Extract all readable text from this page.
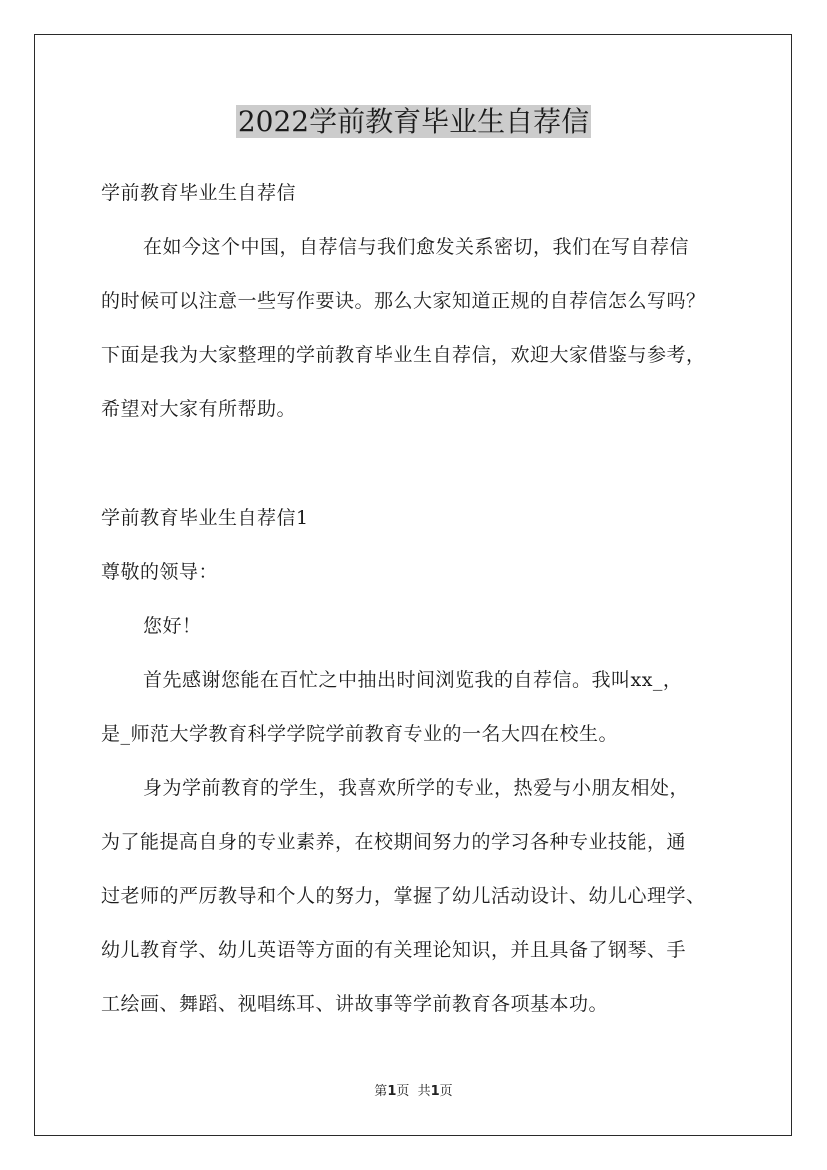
2022学前教育毕业生自荐信
学前教育毕业生自荐信
在如今这个中国，自荐信与我们愈发关系密切，我们在写自荐信
的时候可以注意一些写作要诀。那么大家知道正规的自荐信怎么写吗？
下面是我为大家整理的学前教育毕业生自荐信，欢迎大家借鉴与参考，
希望对大家有所帮助。
学前教育毕业生自荐信1
尊敬的领导：
您好！
首先感谢您能在百忙之中抽出时间浏览我的自荐信。我叫xx_，
是_师范大学教育科学学院学前教育专业的一名大四在校生。
身为学前教育的学生，我喜欢所学的专业，热爱与小朋友相处，
为了能提高自身的专业素养，在校期间努力的学习各种专业技能，通
过老师的严厉教导和个人的努力，掌握了幼儿活动设计、幼儿心理学、
幼儿教育学、幼儿英语等方面的有关理论知识，并且具备了钢琴、手
工绘画、舞蹈、视唱练耳、讲故事等学前教育各项基本功。
第1页  共1页
